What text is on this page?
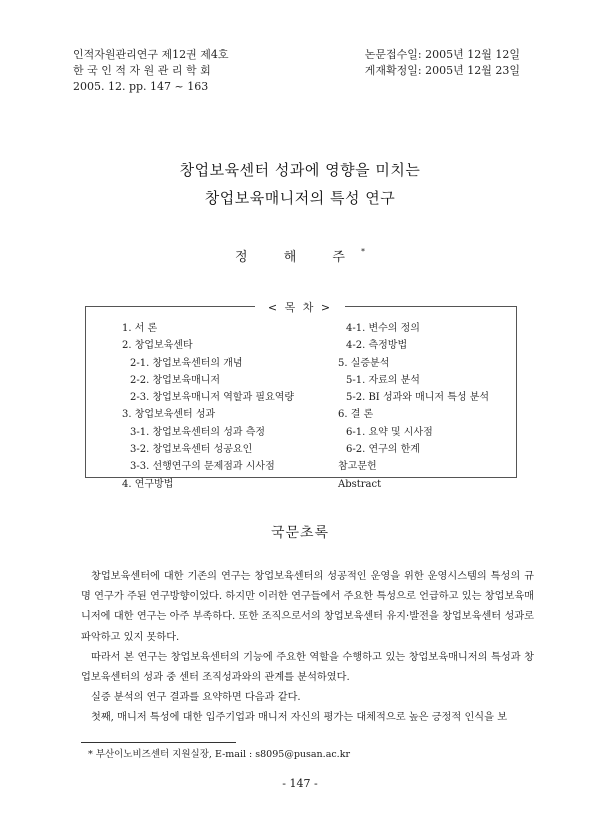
인적자원관리연구 제12권 제4호
한 국 인 적 자 원 관 리 학 회
2005. 12. pp. 147 ~ 163
논문접수일: 2005년 12월 12일
게재확정일: 2005년 12월 23일
창업보육센터 성과에 영향을 미치는
창업보육매니저의 특성 연구
정 해 주*
< 목 차 >
1. 서 론
2. 창업보육센타
2-1. 창업보육센터의 개념
2-2. 창업보육매니저
2-3. 창업보육매니저 역할과 필요역량
3. 창업보육센터 성과
3-1. 창업보육센터의 성과 측정
3-2. 창업보육센터 성공요인
3-3. 선행연구의 문제점과 시사점
4. 연구방법
4-1. 변수의 정의
4-2. 측정방법
5. 실증분석
5-1. 자료의 분석
5-2. BI 성과와 매니저 특성 분석
6. 결 론
6-1. 요약 및 시사점
6-2. 연구의 한계
참고문헌
Abstract
국문초록

창업보육센터에 대한 기존의 연구는 창업보육센터의 성공적인 운영을 위한 운영시스템의 특성의 규명 연구가 주된 연구방향이었다. 하지만 이러한 연구들에서 주요한 특성으로 언급하고 있는 창업보육매니저에 대한 연구는 아주 부족하다. 또한 조직으로서의 창업보육센터 유지·발전을 창업보육센터 성과로 파악하고 있지 못하다.

따라서 본 연구는 창업보육센터의 기능에 주요한 역할을 수행하고 있는 창업보육매니저의 특성과 창업보육센터의 성과 중 센터 조직성과와의 관계를 분석하였다.

실증 분석의 연구 결과를 요약하면 다음과 같다.

첫째, 매니저 특성에 대한 입주기업과 매니저 자신의 평가는 대체적으로 높은 긍정적 인식을 보

* 부산이노비즈센터 지원실장, E-mail : s8095@pusan.ac.kr
- 147 -
